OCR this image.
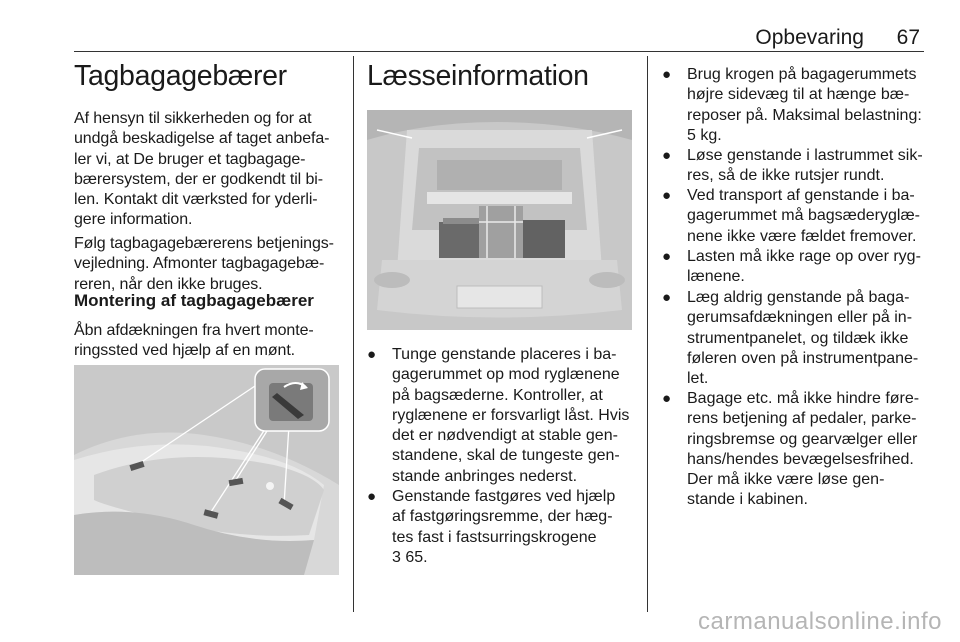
Opbevaring 67
Tagbagagebærer
Af hensyn til sikkerheden og for at
undgå beskadigelse af taget anbefa-
ler vi, at De bruger et tagbagage-
bærersystem, der er godkendt til bi-
len. Kontakt dit værksted for yderli-
gere information.
Følg tagbagagebærerens betjenings-
vejledning. Afmonter tagbagagebæ-
reren, når den ikke bruges.
Montering af tagbagagebærer
Åbn afdækningen fra hvert monte-
ringssted ved hjælp af en mønt.
Læsseinformation
● Tunge genstande placeres i ba-
gagerummet op mod ryglænene
på bagsæderne. Kontroller, at
ryglænene er forsvarligt låst. Hvis
det er nødvendigt at stable gen-
standene, skal de tungeste gen-
stande anbringes nederst.
● Genstande fastgøres ved hjælp
af fastgøringsremme, der hæg-
tes fast i fastsurringskrogene
3 65.
● Brug krogen på bagagerummets
højre sidevæg til at hænge bæ-
reposer på. Maksimal belastning:
5 kg.
● Løse genstande i lastrummet sik-
res, så de ikke rutsjer rundt.
● Ved transport af genstande i ba-
gagerummet må bagsæderyglæ-
nene ikke være fældet fremover.
● Lasten må ikke rage op over ryg-
lænene.
● Læg aldrig genstande på baga-
gerumsafdækningen eller på in-
strumentpanelet, og tildæk ikke
føleren oven på instrumentpane-
let.
● Bagage etc. må ikke hindre føre-
rens betjening af pedaler, parke-
ringsbremse og gearvælger eller
hans/hendes bevægelsesfrihed.
Der må ikke være løse gen-
stande i kabinen.
carmanualsonline.info
